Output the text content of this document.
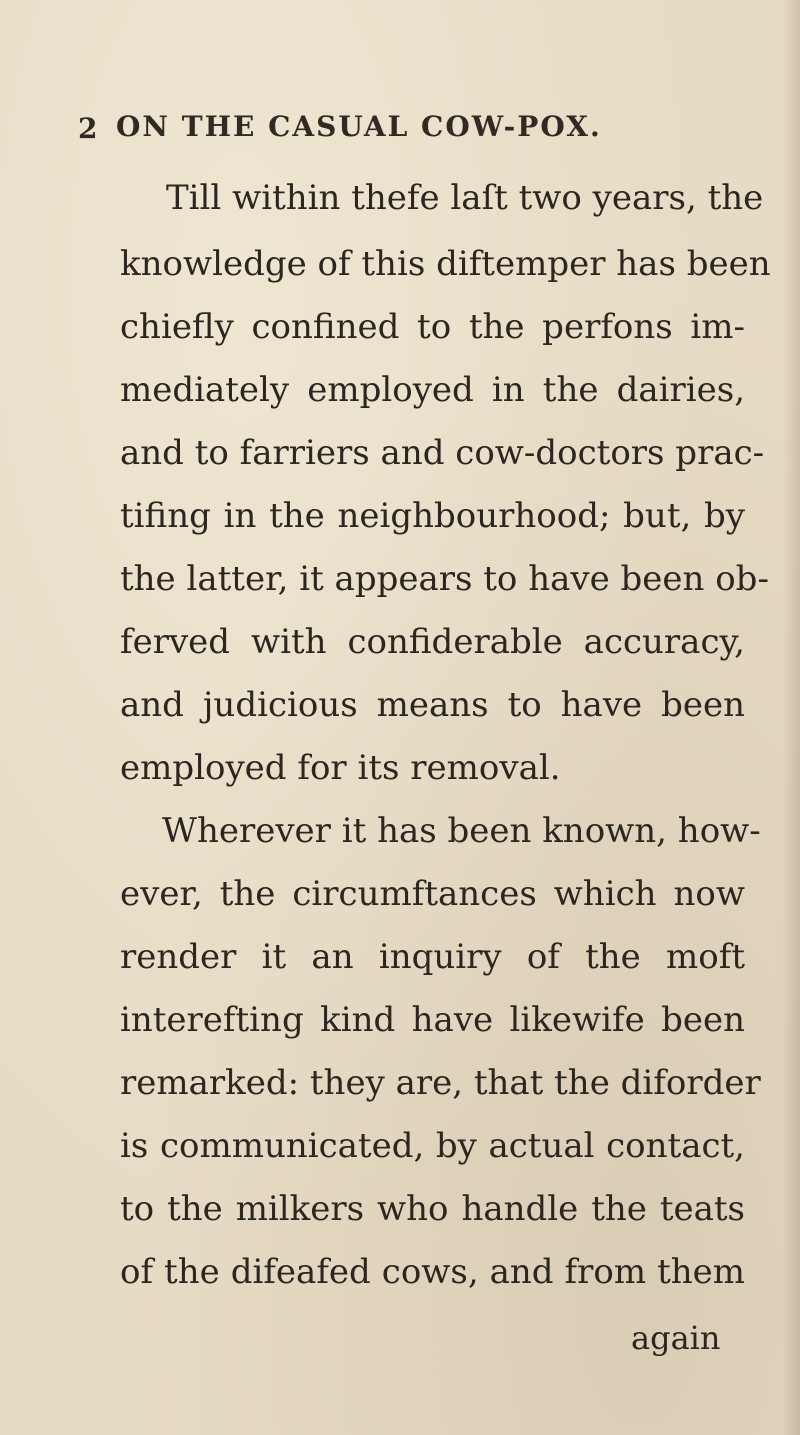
2 ON THE CASUAL COW-POX.
Till within thefe laſt two years, the
knowledge of this diftemper has been
chiefly confined to the perfons im-
mediately employed in the dairies,
and to farriers and cow-doctors prac-
tifing in the neighbourhood; but, by
the latter, it appears to have been ob-
ferved with confiderable accuracy,
and judicious means to have been
employed for its removal.
Wherever it has been known, how-
ever, the circumftances which now
render it an inquiry of the moft
interefting kind have likewife been
remarked: they are, that the diforder
is communicated, by actual contact,
to the milkers who handle the teats
of the difeafed cows, and from them
again
